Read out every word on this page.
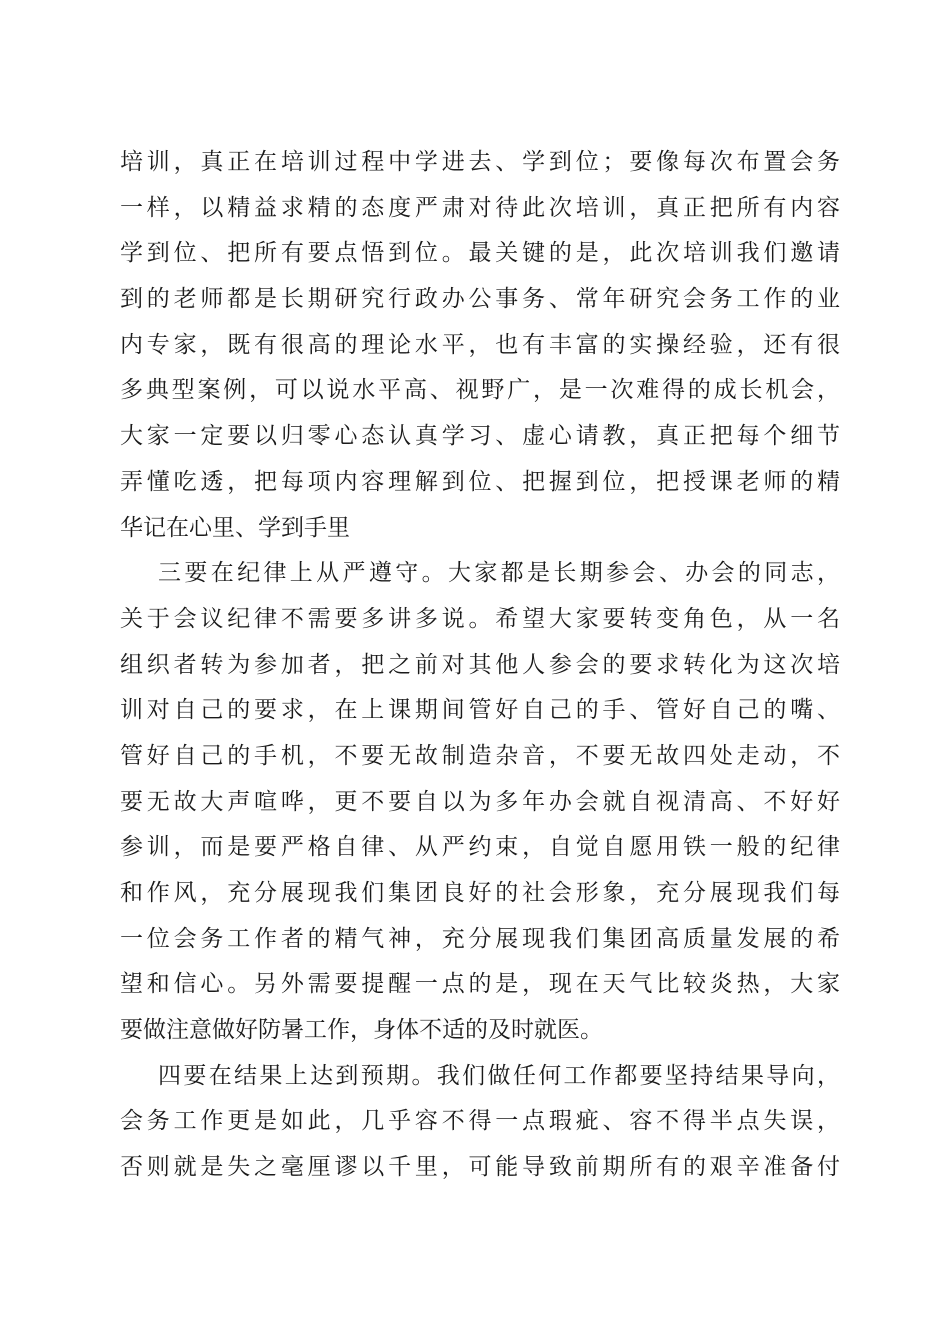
培训，真正在培训过程中学进去、学到位；要像每次布置会务
一样，以精益求精的态度严肃对待此次培训，真正把所有内容
学到位、把所有要点悟到位。最关键的是，此次培训我们邀请
到的老师都是长期研究行政办公事务、常年研究会务工作的业
内专家，既有很高的理论水平，也有丰富的实操经验，还有很
多典型案例，可以说水平高、视野广，是一次难得的成长机会，
大家一定要以归零心态认真学习、虚心请教，真正把每个细节
弄懂吃透，把每项内容理解到位、把握到位，把授课老师的精
华记在心里、学到手里
三要在纪律上从严遵守。大家都是长期参会、办会的同志，
关于会议纪律不需要多讲多说。希望大家要转变角色，从一名
组织者转为参加者，把之前对其他人参会的要求转化为这次培
训对自己的要求，在上课期间管好自己的手、管好自己的嘴、
管好自己的手机，不要无故制造杂音，不要无故四处走动，不
要无故大声喧哗，更不要自以为多年办会就自视清高、不好好
参训，而是要严格自律、从严约束，自觉自愿用铁一般的纪律
和作风，充分展现我们集团良好的社会形象，充分展现我们每
一位会务工作者的精气神，充分展现我们集团高质量发展的希
望和信心。另外需要提醒一点的是，现在天气比较炎热，大家
要做注意做好防暑工作，身体不适的及时就医。
四要在结果上达到预期。我们做任何工作都要坚持结果导向，
会务工作更是如此，几乎容不得一点瑕疵、容不得半点失误，
否则就是失之毫厘谬以千里，可能导致前期所有的艰辛准备付
